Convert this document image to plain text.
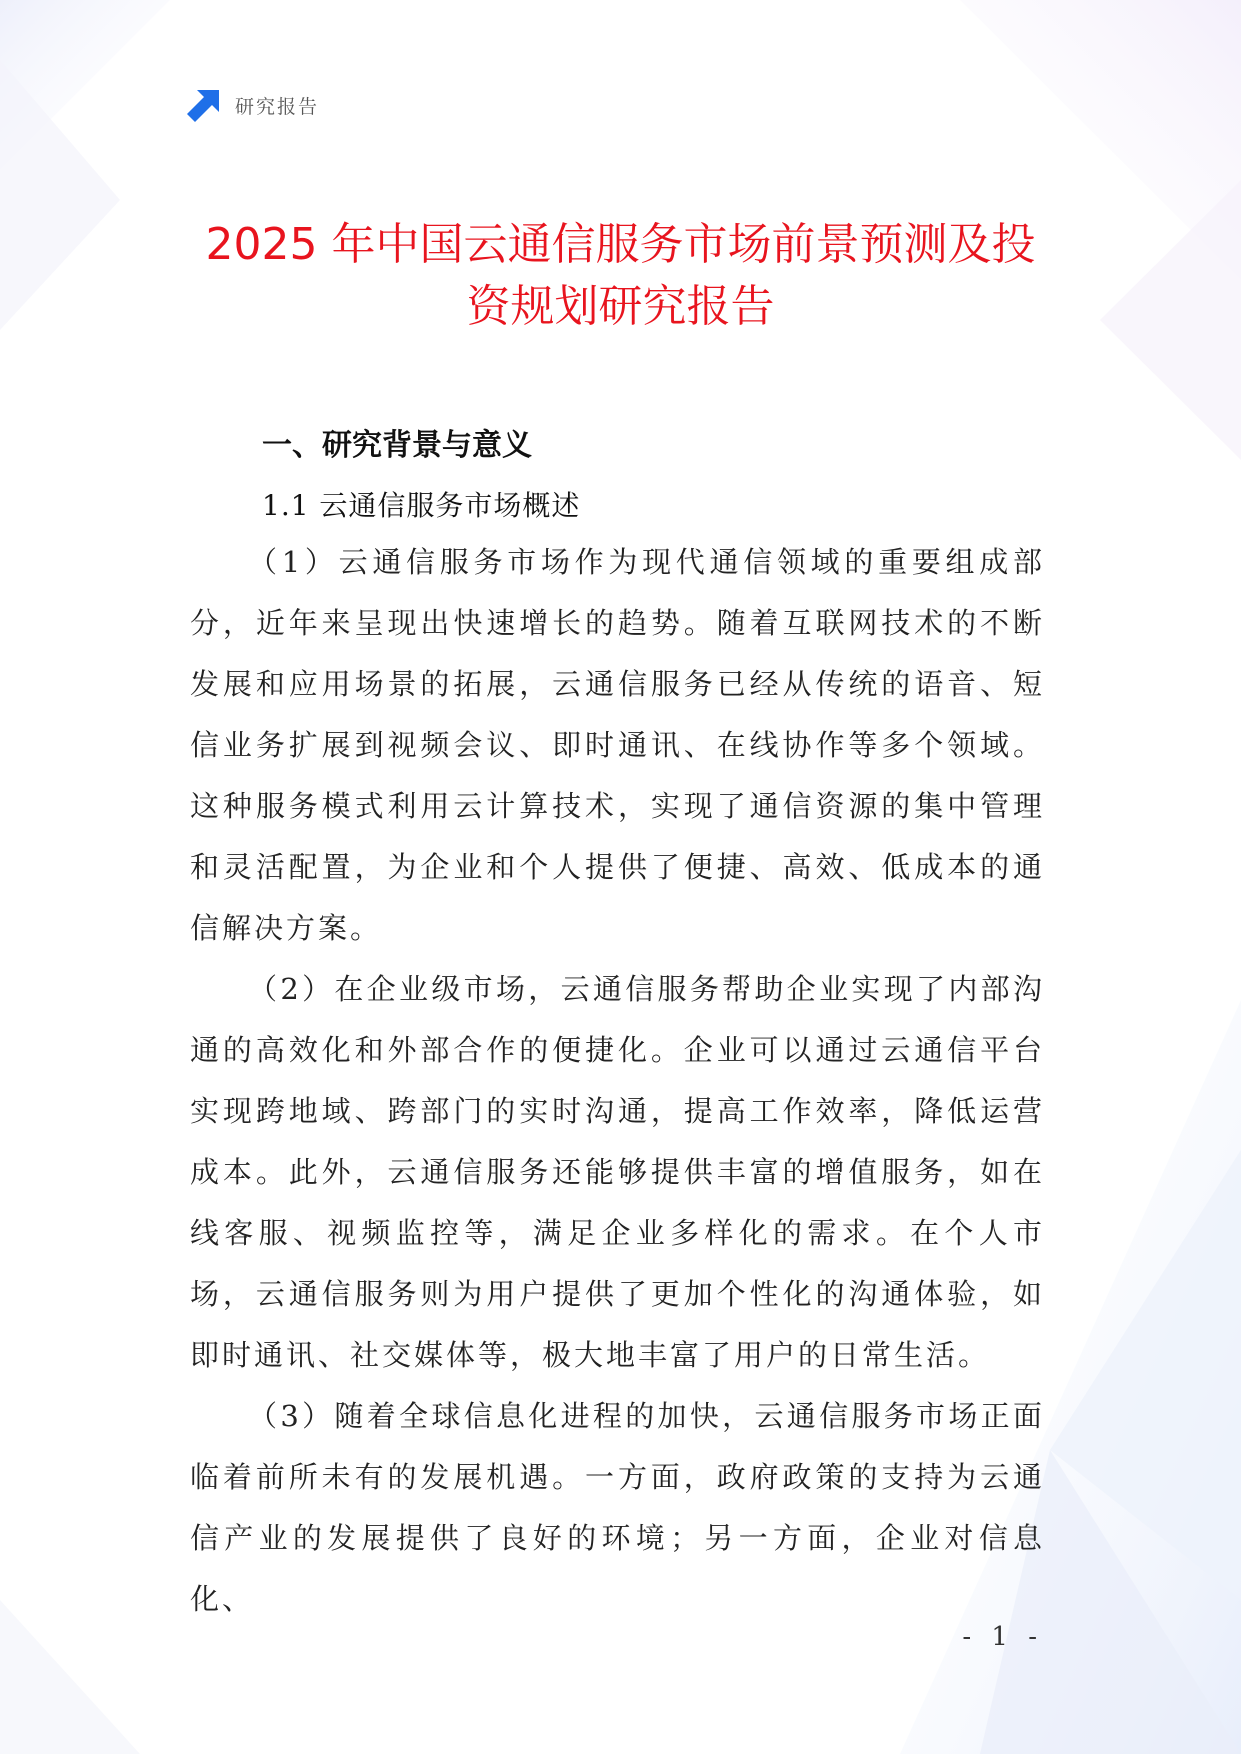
研究报告
2025 年中国云通信服务市场前景预测及投
资规划研究报告
一、研究背景与意义
1.1 云通信服务市场概述

（1）云通信服务市场作为现代通信领域的重要组成部分，近年来呈现出快速增长的趋势。随着互联网技术的不断发展和应用场景的拓展，云通信服务已经从传统的语音、短信业务扩展到视频会议、即时通讯、在线协作等多个领域。这种服务模式利用云计算技术，实现了通信资源的集中管理和灵活配置，为企业和个人提供了便捷、高效、低成本的通信解决方案。

（2）在企业级市场，云通信服务帮助企业实现了内部沟通的高效化和外部合作的便捷化。企业可以通过云通信平台实现跨地域、跨部门的实时沟通，提高工作效率，降低运营成本。此外，云通信服务还能够提供丰富的增值服务，如在线客服、视频监控等，满足企业多样化的需求。在个人市场，云通信服务则为用户提供了更加个性化的沟通体验，如即时通讯、社交媒体等，极大地丰富了用户的日常生活。

（3）随着全球信息化进程的加快，云通信服务市场正面临着前所未有的发展机遇。一方面，政府政策的支持为云通信产业的发展提供了良好的环境；另一方面，企业对信息化、

- 1 -
